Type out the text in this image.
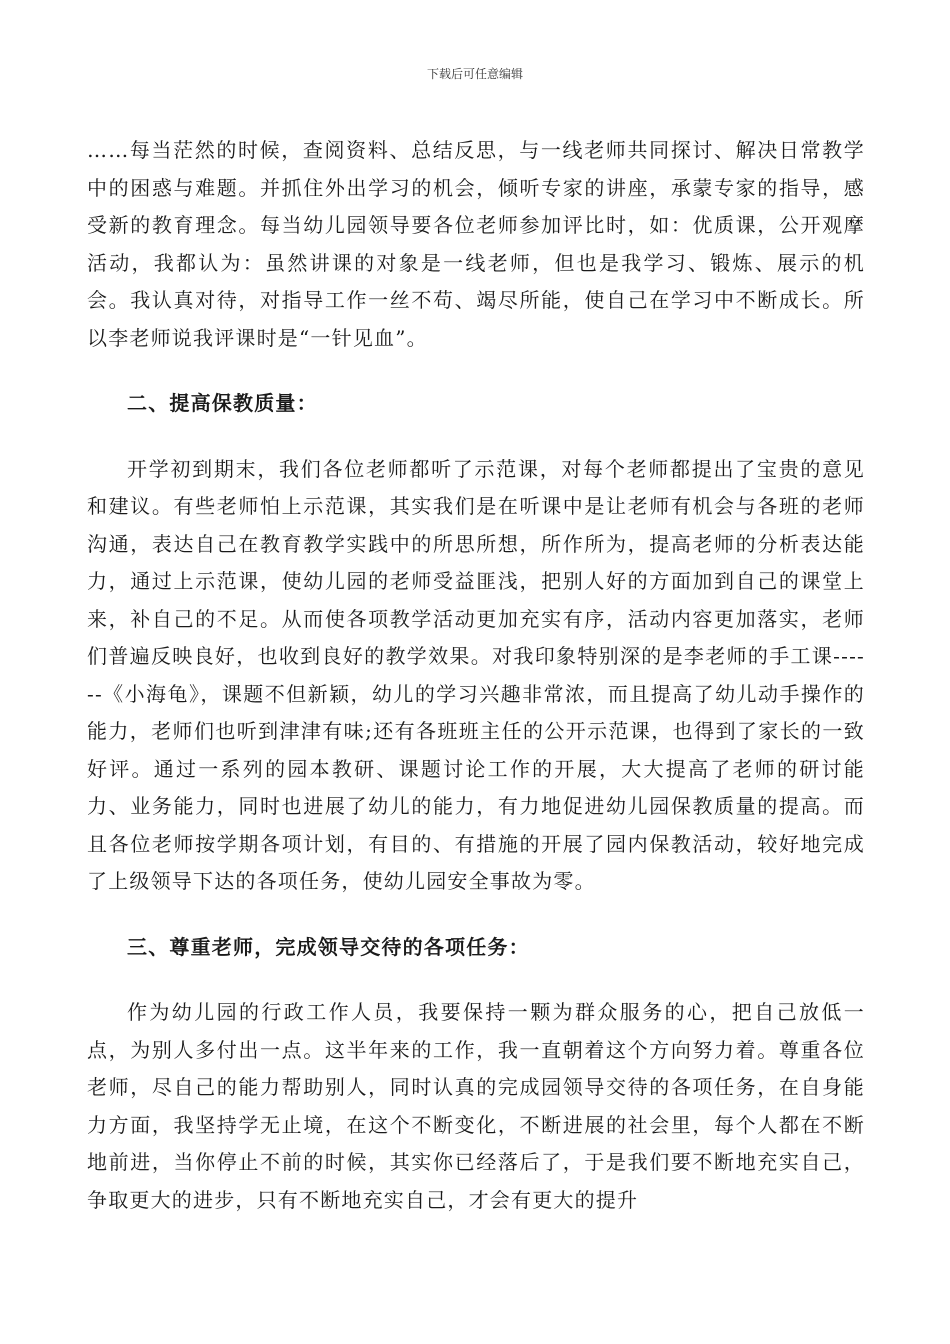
下载后可任意编辑

……每当茫然的时候，查阅资料、总结反思，与一线老师共同探讨、解决日常教学中的困惑与难题。并抓住外出学习的机会，倾听专家的讲座，承蒙专家的指导，感受新的教育理念。每当幼儿园领导要各位老师参加评比时，如：优质课，公开观摩活动，我都认为：虽然讲课的对象是一线老师，但也是我学习、锻炼、展示的机会。我认真对待，对指导工作一丝不苟、竭尽所能，使自己在学习中不断成长。所以李老师说我评课时是“一针见血”。

二、提高保教质量：

开学初到期末，我们各位老师都听了示范课，对每个老师都提出了宝贵的意见和建议。有些老师怕上示范课，其实我们是在听课中是让老师有机会与各班的老师沟通，表达自己在教育教学实践中的所思所想，所作所为，提高老师的分析表达能力，通过上示范课，使幼儿园的老师受益匪浅，把别人好的方面加到自己的课堂上来，补自己的不足。从而使各项教学活动更加充实有序，活动内容更加落实，老师们普遍反映良好，也收到良好的教学效果。对我印象特别深的是李老师的手工课------《小海龟》，课题不但新颖，幼儿的学习兴趣非常浓，而且提高了幼儿动手操作的能力，老师们也听到津津有味;还有各班班主任的公开示范课，也得到了家长的一致好评。通过一系列的园本教研、课题讨论工作的开展，大大提高了老师的研讨能力、业务能力，同时也进展了幼儿的能力，有力地促进幼儿园保教质量的提高。而且各位老师按学期各项计划，有目的、有措施的开展了园内保教活动，较好地完成了上级领导下达的各项任务，使幼儿园安全事故为零。

三、尊重老师，完成领导交待的各项任务：

作为幼儿园的行政工作人员，我要保持一颗为群众服务的心，把自己放低一点，为别人多付出一点。这半年来的工作，我一直朝着这个方向努力着。尊重各位老师，尽自己的能力帮助别人，同时认真的完成园领导交待的各项任务，在自身能力方面，我坚持学无止境，在这个不断变化，不断进展的社会里，每个人都在不断地前进，当你停止不前的时候，其实你已经落后了，于是我们要不断地充实自己，争取更大的进步，只有不断地充实自己，才会有更大的提升
